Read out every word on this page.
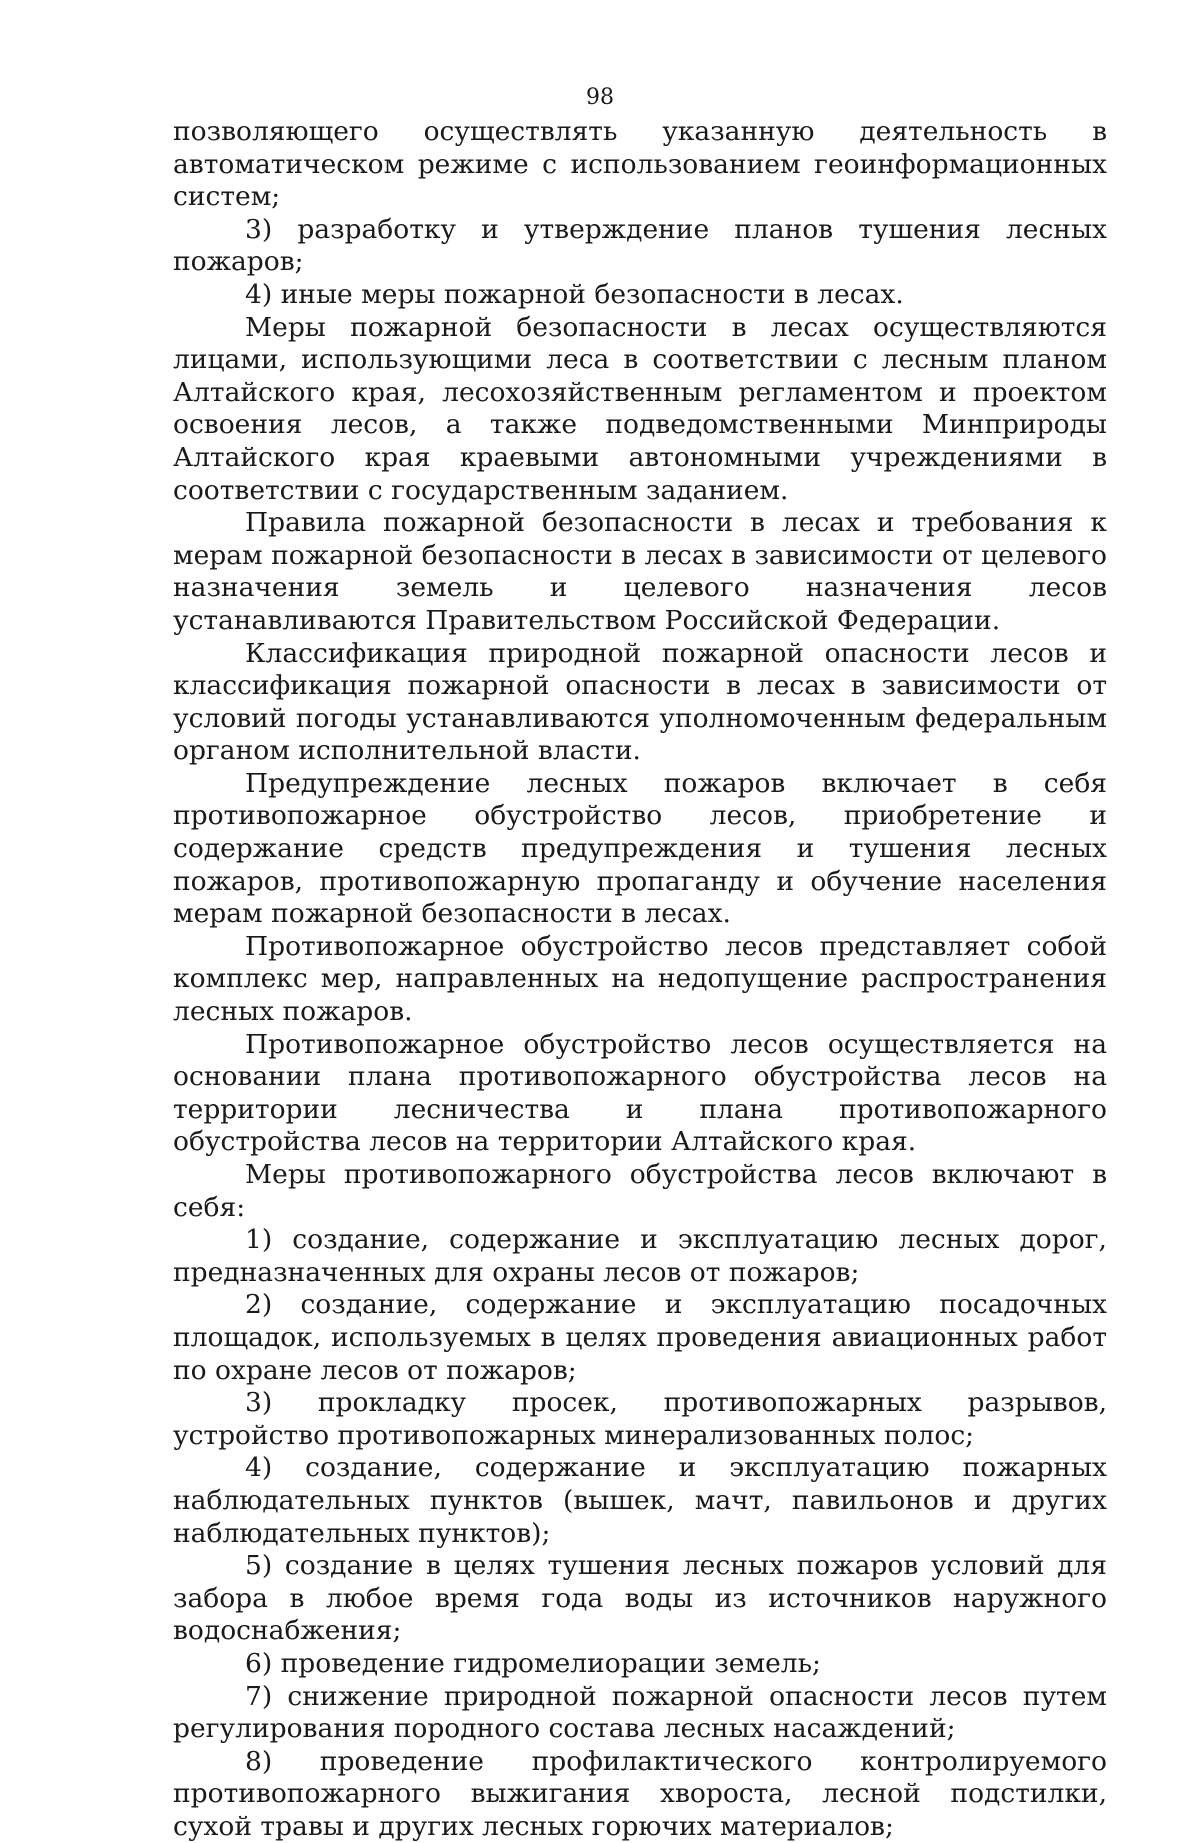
98

позволяющего осуществлять указанную деятельность в автоматическом режиме с использованием геоинформационных систем;

3) разработку и утверждение планов тушения лесных пожаров;

4) иные меры пожарной безопасности в лесах.

Меры пожарной безопасности в лесах осуществляются лицами, использующими леса в соответствии с лесным планом Алтайского края, лесохозяйственным регламентом и проектом освоения лесов, а также подведомственными Минприроды Алтайского края краевыми автономными учреждениями в соответствии с государственным заданием.

Правила пожарной безопасности в лесах и требования к мерам пожарной безопасности в лесах в зависимости от целевого назначения земель и целевого назначения лесов устанавливаются Правительством Российской Федерации.

Классификация природной пожарной опасности лесов и классификация пожарной опасности в лесах в зависимости от условий погоды устанавливаются уполномоченным федеральным органом исполнительной власти.

Предупреждение лесных пожаров включает в себя противопожарное обустройство лесов, приобретение и содержание средств предупреждения и тушения лесных пожаров, противопожарную пропаганду и обучение населения мерам пожарной безопасности в лесах.

Противопожарное обустройство лесов представляет собой комплекс мер, направленных на недопущение распространения лесных пожаров.

Противопожарное обустройство лесов осуществляется на основании плана противопожарного обустройства лесов на территории лесничества и плана противопожарного обустройства лесов на территории Алтайского края.

Меры противопожарного обустройства лесов включают в себя:

1) создание, содержание и эксплуатацию лесных дорог, предназначенных для охраны лесов от пожаров;

2) создание, содержание и эксплуатацию посадочных площадок, используемых в целях проведения авиационных работ по охране лесов от пожаров;

3) прокладку просек, противопожарных разрывов, устройство противопожарных минерализованных полос;

4) создание, содержание и эксплуатацию пожарных наблюдательных пунктов (вышек, мачт, павильонов и других наблюдательных пунктов);

5) создание в целях тушения лесных пожаров условий для забора в любое время года воды из источников наружного водоснабжения;

6) проведение гидромелиорации земель;

7) снижение природной пожарной опасности лесов путем регулирования породного состава лесных насаждений;

8) проведение профилактического контролируемого противопожарного выжигания хвороста, лесной подстилки, сухой травы и других лесных горючих материалов;
